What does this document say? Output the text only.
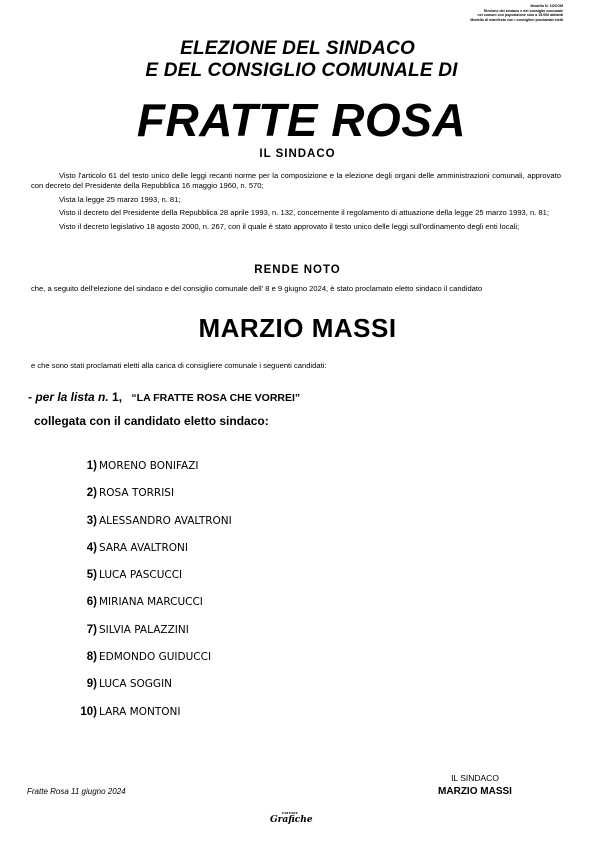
Modello N. 10/COM
Elezione del sindaco e del consiglio comunale
nei comuni con popolazione sino a 15.000 abitanti
Modello di manifesto con i consiglieri proclamati eletti
ELEZIONE DEL SINDACO
E DEL CONSIGLIO COMUNALE DI
FRATTE ROSA
IL SINDACO

Visto l'articolo 61 del testo unico delle leggi recanti norme per la composizione e la elezione degli organi delle amministrazioni comunali, approvato con decreto del Presidente della Repubblica 16 maggio 1960, n. 570;

Vista la legge 25 marzo 1993, n. 81;

Visto il decreto del Presidente della Repubblica 28 aprile 1993, n. 132, concernente il regolamento di attuazione della legge 25 marzo 1993, n. 81;

Visto il decreto legislativo 18 agosto 2000, n. 267, con il quale è stato approvato il testo unico delle leggi sull'ordinamento degli enti locali;

RENDE NOTO
che, a seguito dell'elezione del sindaco e del consiglio comunale dell' 8 e 9 giugno 2024, è stato proclamato eletto sindaco il candidato
MARZIO MASSI
e che sono stati proclamati eletti alla carica di consigliere comunale i seguenti candidati:
- per la lista n. 1, “LA FRATTE ROSA CHE VORREI”
collegata con il candidato eletto sindaco:
1) MORENO BONIFAZI
2) ROSA TORRISI
3) ALESSANDRO AVALTRONI
4) SARA AVALTRONI
5) LUCA PASCUCCI
6) MIRIANA MARCUCCI
7) SILVIA PALAZZINI
8) EDMONDO GUIDUCCI
9) LUCA SOGGIN
10) LARA MONTONI
Fratte Rosa 11 giugno 2024
IL SINDACO
MARZIO MASSI
EDITORE
Grafiche
